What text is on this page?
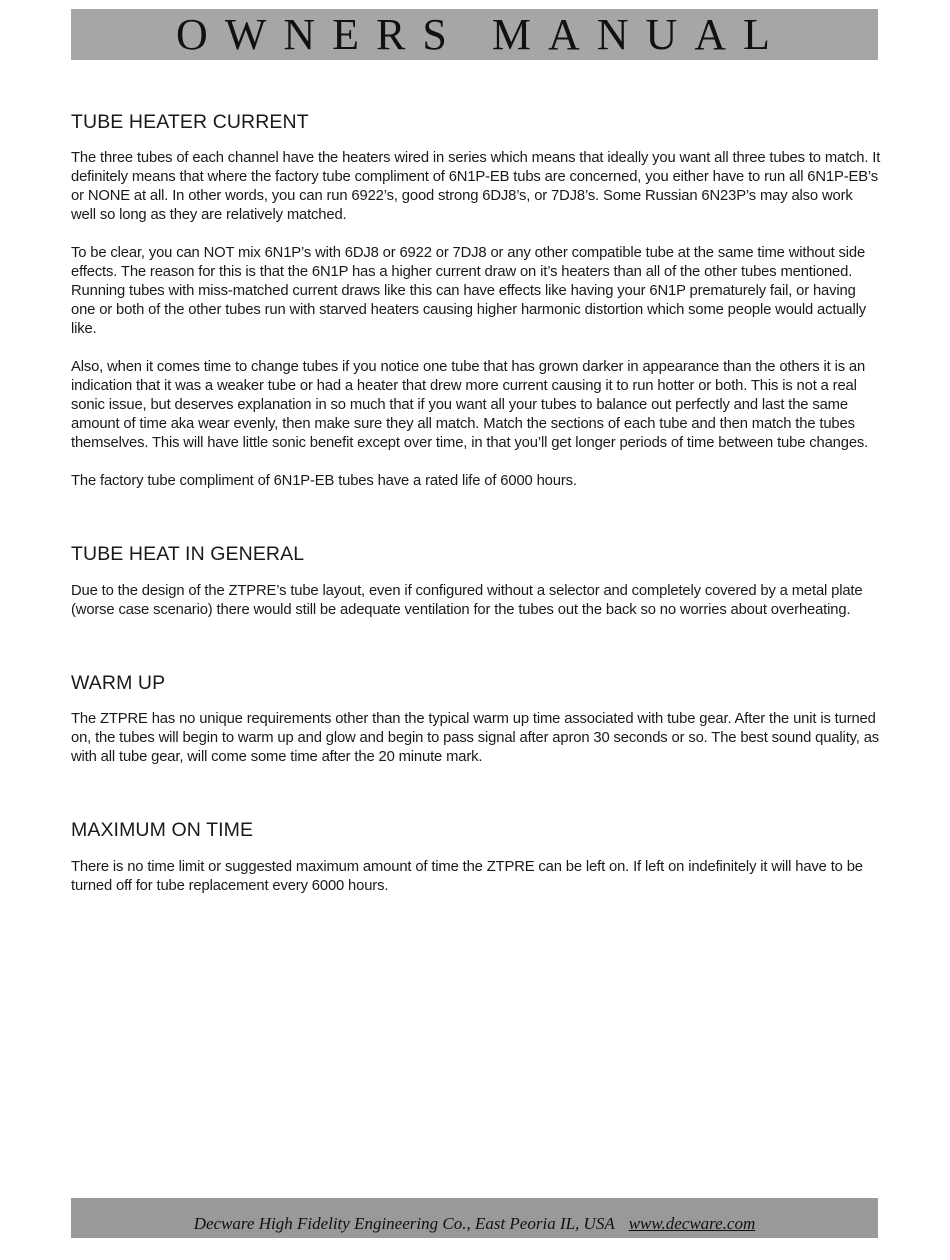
OWNERS MANUAL
TUBE HEATER CURRENT

The three tubes of each channel have the heaters wired in series which means that ideally you want all three tubes to match. It definitely means that where the factory tube compliment of 6N1P-EB tubs are concerned, you either have to run all 6N1P-EB’s or NONE at all. In other words, you can run 6922’s, good strong 6DJ8’s, or 7DJ8’s. Some Russian 6N23P’s may also work well so long as they are relatively matched.

To be clear, you can NOT mix 6N1P’s with 6DJ8 or 6922 or 7DJ8 or any other compatible tube at the same time without side effects. The reason for this is that the 6N1P has a higher current draw on it’s heaters than all of the other tubes mentioned. Running tubes with miss-matched current draws like this can have effects like having your 6N1P prematurely fail, or having one or both of the other tubes run with starved heaters causing higher harmonic distortion which some people would actually like.

Also, when it comes time to change tubes if you notice one tube that has grown darker in appearance than the others it is an indication that it was a weaker tube or had a heater that drew more current causing it to run hotter or both. This is not a real sonic issue, but deserves explanation in so much that if you want all your tubes to balance out perfectly and last the same amount of time aka wear evenly, then make sure they all match. Match the sections of each tube and then match the tubes themselves. This will have little sonic benefit except over time, in that you’ll get longer periods of time between tube changes.

The factory tube compliment of 6N1P-EB tubes have a rated life of 6000 hours.

TUBE HEAT IN GENERAL

Due to the design of the ZTPRE’s tube layout, even if configured without a selector and completely covered by a metal plate (worse case scenario) there would still be adequate ventilation for the tubes out the back so no worries about overheating.

WARM UP

The ZTPRE has no unique requirements other than the typical warm up time associated with tube gear. After the unit is turned on, the tubes will begin to warm up and glow and begin to pass signal after apron 30 seconds or so. The best sound quality, as with all tube gear, will come some time after the 20 minute mark.

MAXIMUM ON TIME

There is no time limit or suggested maximum amount of time the ZTPRE can be left on. If left on indefinitely it will have to be turned off for tube replacement every 6000 hours.

Decware High Fidelity Engineering Co., East Peoria IL, USA www.decware.com
